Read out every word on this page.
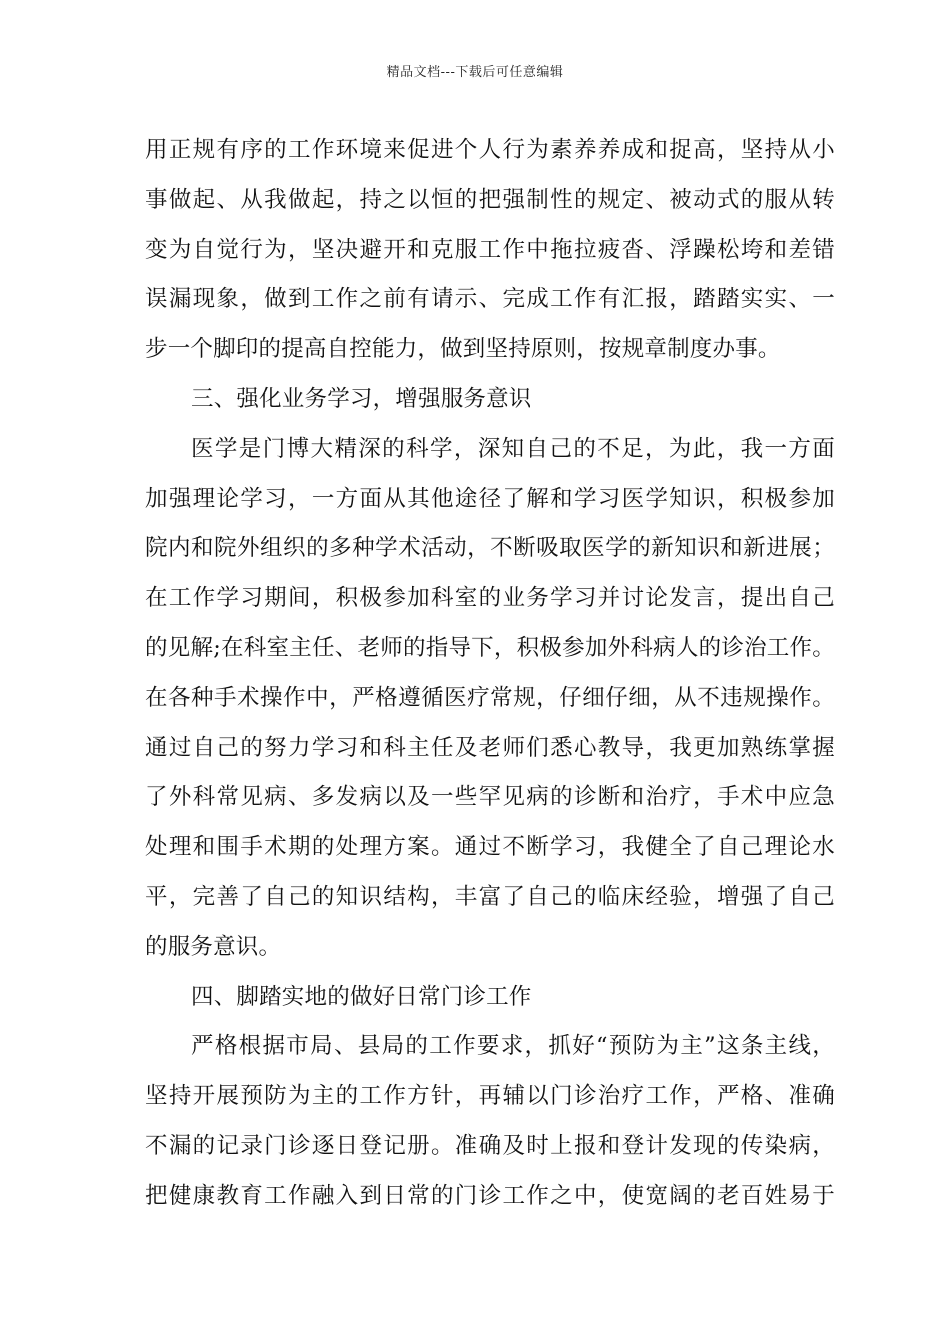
精品文档---下载后可任意编辑
用正规有序的工作环境来促进个人行为素养养成和捉高，坚持从小
事做起、从我做起，持之以恒的把强制性的规定、被动式的服从转
变为自觉行为，坚决避开和克服工作中拖拉疲沓、浮躁松垮和差错
误漏现象，做到工作之前有请示、完成工作有汇报，踏踏实实、一
步一个脚印的提高自控能力，做到坚持原则，按规章制度办事。
三、强化业务学习，增强服务意识
医学是门博大精深的科学，深知自己的不足，为此，我一方面
加强理论学习，一方面从其他途径了解和学习医学知识，积极参加
院内和院外组织的多种学术活动，不断吸取医学的新知识和新进展；
在工作学习期间，积极参加科室的业务学习并讨论发言，提出自己
的见解;在科室主任、老师的指导下，积极参加外科病人的诊治工作。
在各种手术操作中，严格遵循医疗常规，仔细仔细，从不违规操作。
通过自己的努力学习和科主任及老师们悉心教导，我更加熟练掌握
了外科常见病、多发病以及一些罕见病的诊断和治疗，手术中应急
处理和围手术期的处理方案。通过不断学习，我健全了自己理论水
平，完善了自己的知识结构，丰富了自己的临床经验，增强了自己
的服务意识。
四、脚踏实地的做好日常门诊工作
严格根据市局、县局的工作要求，抓好“预防为主”这条主线，
坚持开展预防为主的工作方针，再辅以门诊治疗工作，严格、准确
不漏的记录门诊逐日登记册。准确及时上报和登计发现的传染病，
把健康教育工作融入到日常的门诊工作之中，使宽阔的老百姓易于
